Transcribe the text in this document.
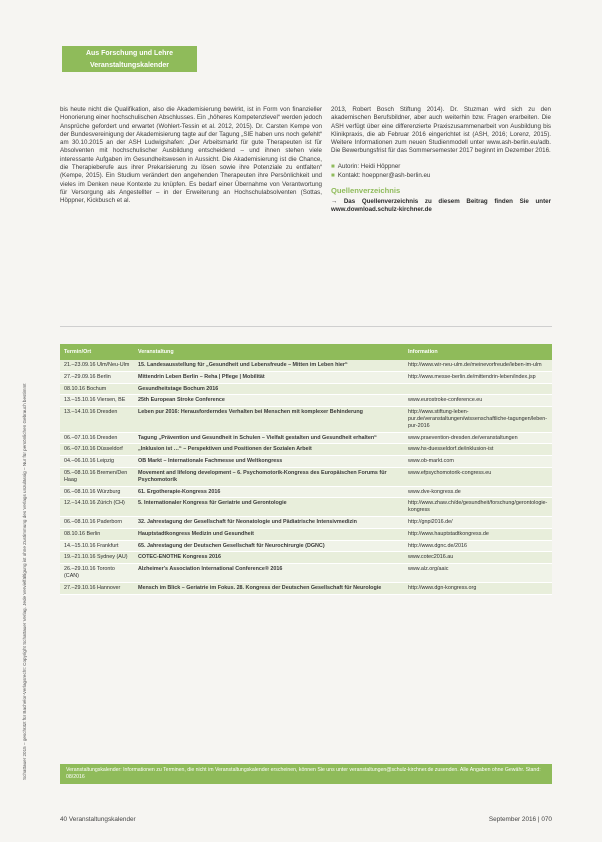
Schattauer 2015 – geschützt für Bachelor-Verlagsrecht: Copyright Schattauer Verlag. Jede Vervielfältigung ist ohne Zustimmung des Verlags unzulässig – Nur für persönlichen Gebrauch bestimmt
Aus Forschung und Lehre
Veranstaltungskalender

bis heute nicht die Qualifikation, also die Akademisierung bewirkt, ist in Form von finanzieller Honorierung einer hochschulischen Abschlusses. Ein „höheres Kompetenzlevel“ werden jedoch Ansprüche gefordert und erwartet (Wohlert-Tessin et al. 2012, 2015). Dr. Carsten Kempe von der Bundesvereinigung der Akademisierung tagte auf der Tagung „SIE haben uns noch gefehlt“ am 30.10.2015 an der ASH Ludwigshafen: „Der Arbeitsmarkt für gute Therapeuten ist für Absolventen mit hochschulischer Ausbildung entscheidend – und ihnen stehen viele interessante Aufgaben im Gesundheitswesen in Aussicht. Die Akademisierung ist die Chance, die Therapieberufe aus ihrer Prekarisierung zu lösen sowie ihre Potenziale zu entfalten“ (Kempe, 2015). Ein Studium verändert den angehenden Therapeuten ihre Persönlichkeit und vieles im Denken neue Kontexte zu knüpfen. Es bedarf einer Übernahme von Verantwortung für Versorgung als Angestellter – in der Erweiterung an Hochschulabsolventen (Sottas, Höppner, Kickbusch et al.

2013, Robert Bosch Stiftung 2014). Dr. Stuzman wird sich zu den akademischen Berufsbildner, aber auch weiterhin bzw. Fragen erarbeiten. Die ASH verfügt über eine differenzierte Praxiszusammenarbeit von Ausbildung bis Klinikpraxis, die ab Februar 2016 eingerichtet ist (ASH, 2016; Lorenz, 2015). Weitere Informationen zum neuen Studienmodell unter www.ash-berlin.eu/adb. Die Bewerbungsfrist für das Sommersemester 2017 beginnt im Dezember 2016.

■ Autorin: Heidi Höppner
■ Kontakt: hoeppner@ash-berlin.eu
Quellenverzeichnis
→ Das Quellenverzeichnis zu diesem Beitrag finden Sie unter www.download.schulz-kirchner.de
Termin/Ort	Veranstaltung	Information
21.–23.09.16 Ulm/Neu-Ulm	15. Landesausstellung für „Gesundheit und Lebensfreude – Mitten im Leben hier“	http://www.wir-neu-ulm.de/meinevorfreude/leben-im-ulm
27.–29.09.16 Berlin	Mittendrin Leben Berlin – Reha | Pflege | Mobilität	http://www.messe-berlin.de/mittendrin-leben/index.jsp
08.10.16 Bochum	Gesundheitstage Bochum 2016	
13.–15.10.16 Viersen, BE	25th European Stroke Conference	www.eurostroke-conference.eu
13.–14.10.16 Dresden	Leben pur 2016: Herausforderndes Verhalten bei Menschen mit komplexer Behinderung	http://www.stiftung-leben-pur.de/veranstaltungen/wissenschaftliche-tagungen/leben-pur-2016
06.–07.10.16 Dresden	Tagung „Prävention und Gesundheit in Schulen – Vielfalt gestalten und Gesundheit erhalten“	www.praevention-dresden.de/veranstaltungen
06.–07.10.16 Düsseldorf	„Inklusion ist …“ – Perspektiven und Positionen der Sozialen Arbeit	www.hs-duesseldorf.de/inklusion-ist
04.–06.10.16 Leipzig	OB Markt – Internationale Fachmesse und Weltkongress	www.ob-markt.com
05.–08.10.16 Bremen/Den Haag	Movement and lifelong development – 6. Psychomotorik-Kongress des Europäischen Forums für Psychomotorik	www.efpsychomotorik-congress.eu
06.–08.10.16 Würzburg	61. Ergotherapie-Kongress 2016	www.dve-kongress.de
12.–14.10.16 Zürich (CH)	5. Internationaler Kongress für Geriatrie und Gerontologie	http://www.zhaw.ch/de/gesundheit/forschung/gerontologie-kongress
06.–08.10.16 Paderborn	32. Jahrestagung der Gesellschaft für Neonatologie und Pädiatrische Intensivmedizin	http://gnpi2016.de/
08.10.16 Berlin	Hauptstadtkongress Medizin und Gesundheit	http://www.hauptstadtkongress.de
14.–15.10.16 Frankfurt	65. Jahrestagung der Deutschen Gesellschaft für Neurochirurgie (DGNC)	http://www.dgnc.de/2016
19.–21.10.16 Sydney (AU)	COTEC-ENOTHE Kongress 2016	www.cotec2016.au
26.–29.10.16 Toronto (CAN)	Alzheimer's Association International Conference® 2016	www.alz.org/aaic
27.–29.10.16 Hannover	Mensch im Blick – Geriatrie im Fokus. 28. Kongress der Deutschen Gesellschaft für Neurologie	http://www.dgn-kongress.org
Veranstaltungskalender: Informationen zu Terminen, die nicht im Veranstaltungskalender erscheinen, können Sie uns unter veranstaltungen@schulz-kirchner.de zusenden. Alle Angaben ohne Gewähr. Stand: 08/2016
40 Veranstaltungskalender	September 2016 | 070
